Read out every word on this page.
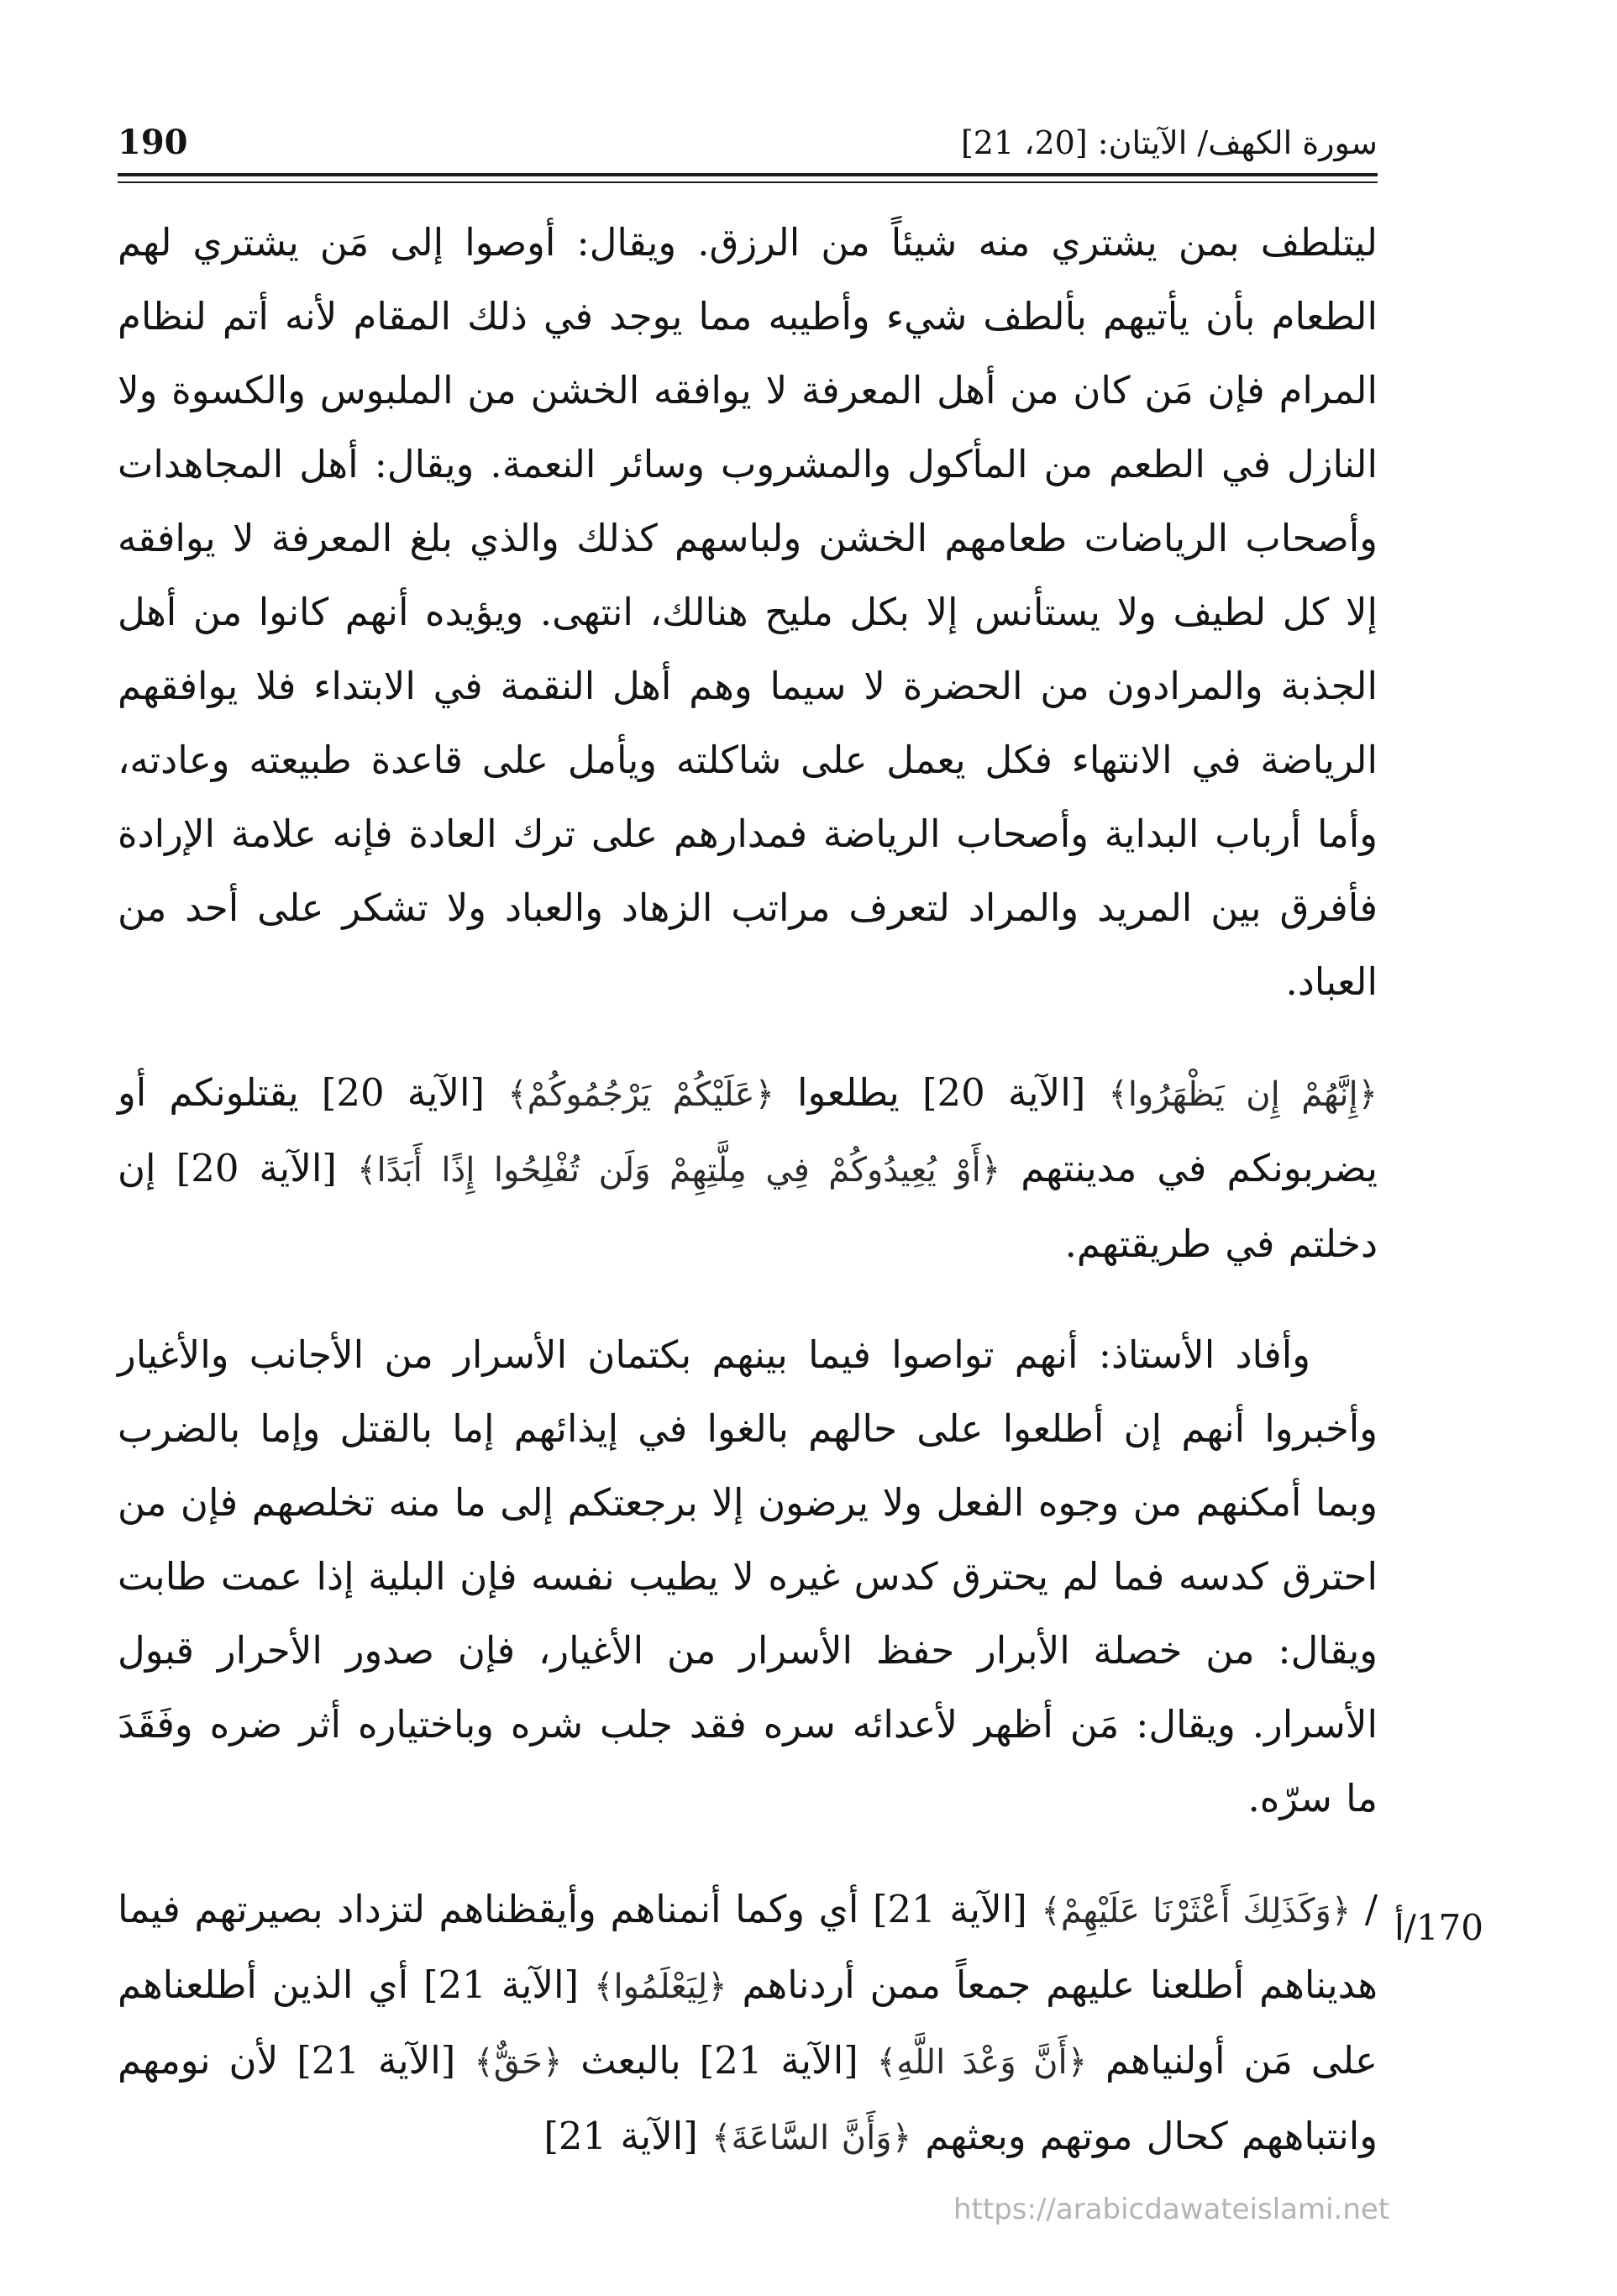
سورة الكهف/ الآيتان: [20، 21]
190

ليتلطف بمن يشتري منه شيئاً من الرزق. ويقال: أوصوا إلى مَن يشتري لهم الطعام بأن يأتيهم بألطف شيء وأطيبه مما يوجد في ذلك المقام لأنه أتم لنظام المرام فإن مَن كان من أهل المعرفة لا يوافقه الخشن من الملبوس والكسوة ولا النازل في الطعم من المأكول والمشروب وسائر النعمة. ويقال: أهل المجاهدات وأصحاب الرياضات طعامهم الخشن ولباسهم كذلك والذي بلغ المعرفة لا يوافقه إلا كل لطيف ولا يستأنس إلا بكل مليح هنالك، انتهى. ويؤيده أنهم كانوا من أهل الجذبة والمرادون من الحضرة لا سيما وهم أهل النقمة في الابتداء فلا يوافقهم الرياضة في الانتهاء فكل يعمل على شاكلته ويأمل على قاعدة طبيعته وعادته، وأما أرباب البداية وأصحاب الرياضة فمدارهم على ترك العادة فإنه علامة الإرادة فأفرق بين المريد والمراد لتعرف مراتب الزهاد والعباد ولا تشكر على أحد من العباد.

﴿إِنَّهُمْ إِن يَظْهَرُوا﴾ [الآية 20] يطلعوا ﴿عَلَيْكُمْ يَرْجُمُوكُمْ﴾ [الآية 20] يقتلونكم أو يضربونكم في مدينتهم ﴿أَوْ يُعِيدُوكُمْ فِي مِلَّتِهِمْ وَلَن تُفْلِحُوا إِذًا أَبَدًا﴾ [الآية 20] إن دخلتم في طريقتهم.

وأفاد الأستاذ: أنهم تواصوا فيما بينهم بكتمان الأسرار من الأجانب والأغيار وأخبروا أنهم إن أطلعوا على حالهم بالغوا في إيذائهم إما بالقتل وإما بالضرب وبما أمكنهم من وجوه الفعل ولا يرضون إلا برجعتكم إلى ما منه تخلصهم فإن من احترق كدسه فما لم يحترق كدس غيره لا يطيب نفسه فإن البلية إذا عمت طابت ويقال: من خصلة الأبرار حفظ الأسرار من الأغيار، فإن صدور الأحرار قبول الأسرار. ويقال: مَن أظهر لأعدائه سره فقد جلب شره وباختياره أثر ضره وفَقَدَ ما سرّه.

/ ﴿وَكَذَلِكَ أَعْثَرْنَا عَلَيْهِمْ﴾ [الآية 21] أي وكما أنمناهم وأيقظناهم لتزداد بصيرتهم فيما هديناهم أطلعنا عليهم جمعاً ممن أردناهم ﴿لِيَعْلَمُوا﴾ [الآية 21] أي الذين أطلعناهم على مَن أولنياهم ﴿أَنَّ وَعْدَ اللَّهِ﴾ [الآية 21] بالبعث ﴿حَقٌّ﴾ [الآية 21] لأن نومهم وانتباههم كحال موتهم وبعثهم ﴿وَأَنَّ السَّاعَةَ﴾ [الآية 21]

170/أ
https://arabicdawateislami.net
